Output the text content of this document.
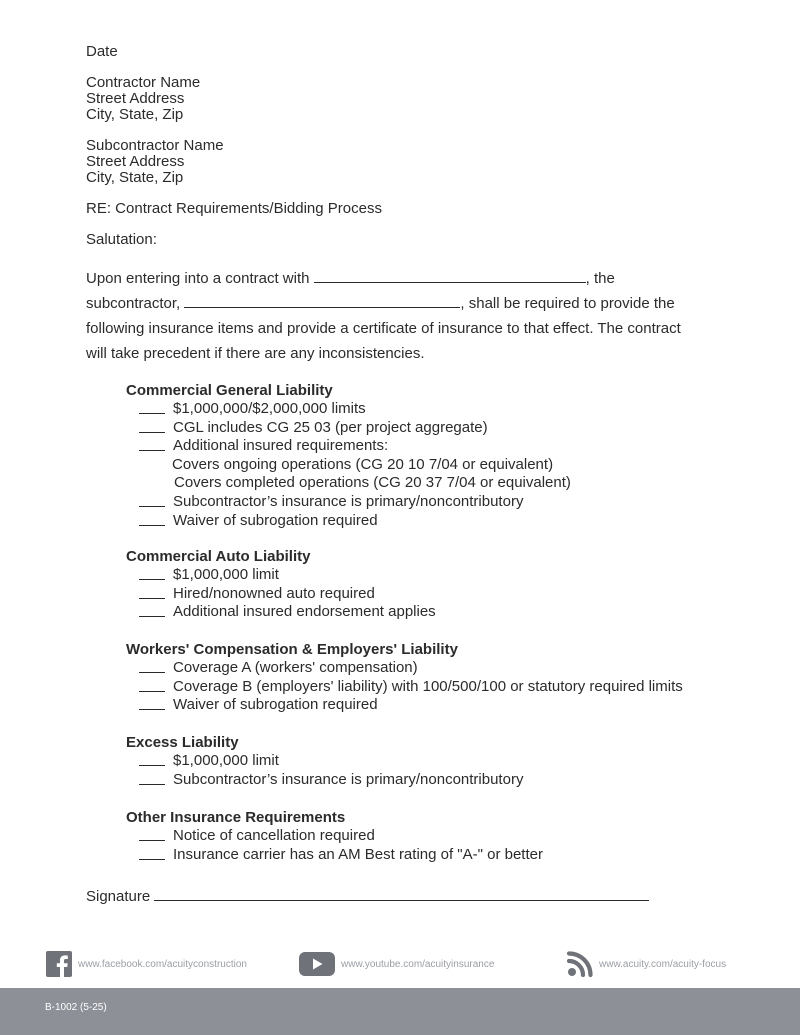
Date
Contractor Name
Street Address
City, State, Zip
Subcontractor Name
Street Address
City, State, Zip
RE: Contract Requirements/Bidding Process
Salutation:
Upon entering into a contract with	, the
subcontractor,	, shall be required to provide the
following insurance items and provide a certificate of insurance to that effect. The contract
will take precedent if there are any inconsistencies.
Commercial General Liability
$1,000,000/$2,000,000 limits
CGL includes CG 25 03 (per project aggregate)
Additional insured requirements:
Covers ongoing operations (CG 20 10 7/04 or equivalent)
Covers completed operations (CG 20 37 7/04 or equivalent)
Subcontractor’s insurance is primary/noncontributory
Waiver of subrogation required
Commercial Auto Liability
$1,000,000 limit
Hired/nonowned auto required
Additional insured endorsement applies
Workers' Compensation & Employers' Liability
Coverage A (workers' compensation)
Coverage B (employers' liability) with 100/500/100 or statutory required limits
Waiver of subrogation required
Excess Liability
$1,000,000 limit
Subcontractor’s insurance is primary/noncontributory
Other Insurance Requirements
Notice of cancellation required
Insurance carrier has an AM Best rating of "A-" or better
Signature
www.facebook.com/acuityconstruction	www.youtube.com/acuityinsurance	www.acuity.com/acuity-focus
B-1002 (5-25)
